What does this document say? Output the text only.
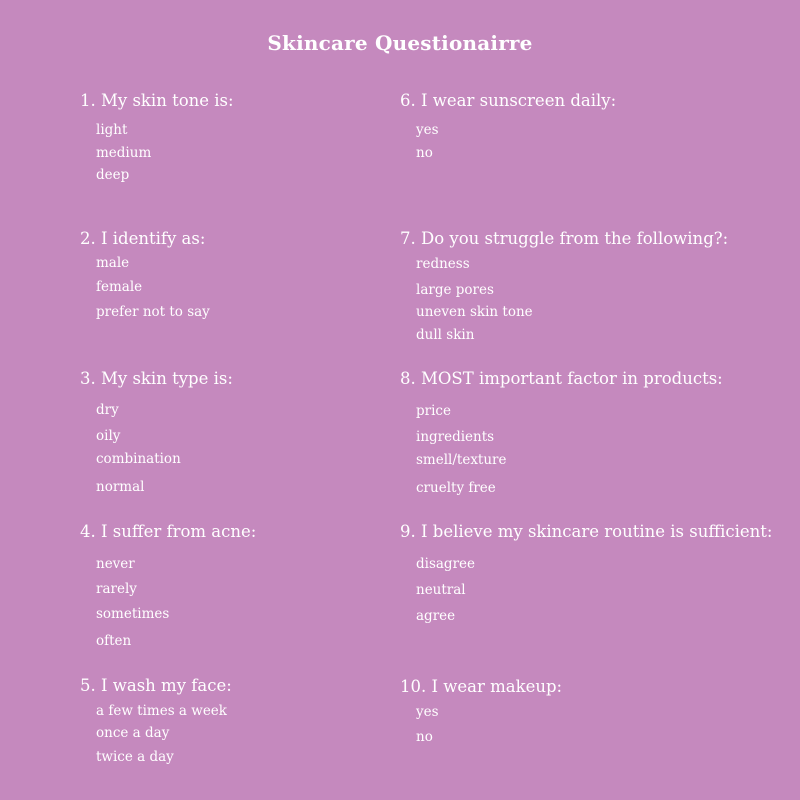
Skincare Questionairre
1. My skin tone is:
light
medium
deep
2. I identify as:
male
female
prefer not to say
3. My skin type is:
dry
oily
combination
normal
4. I suffer from acne:
never
rarely
sometimes
often
5. I wash my face:
a few times a week
once a day
twice a day
6. I wear sunscreen daily:
yes
no
7. Do you struggle from the following?:
redness
large pores
uneven skin tone
dull skin
8. MOST important factor in products:
price
ingredients
smell/texture
cruelty free
9. I believe my skincare routine is sufficient:
disagree
neutral
agree
10. I wear makeup:
yes
no
